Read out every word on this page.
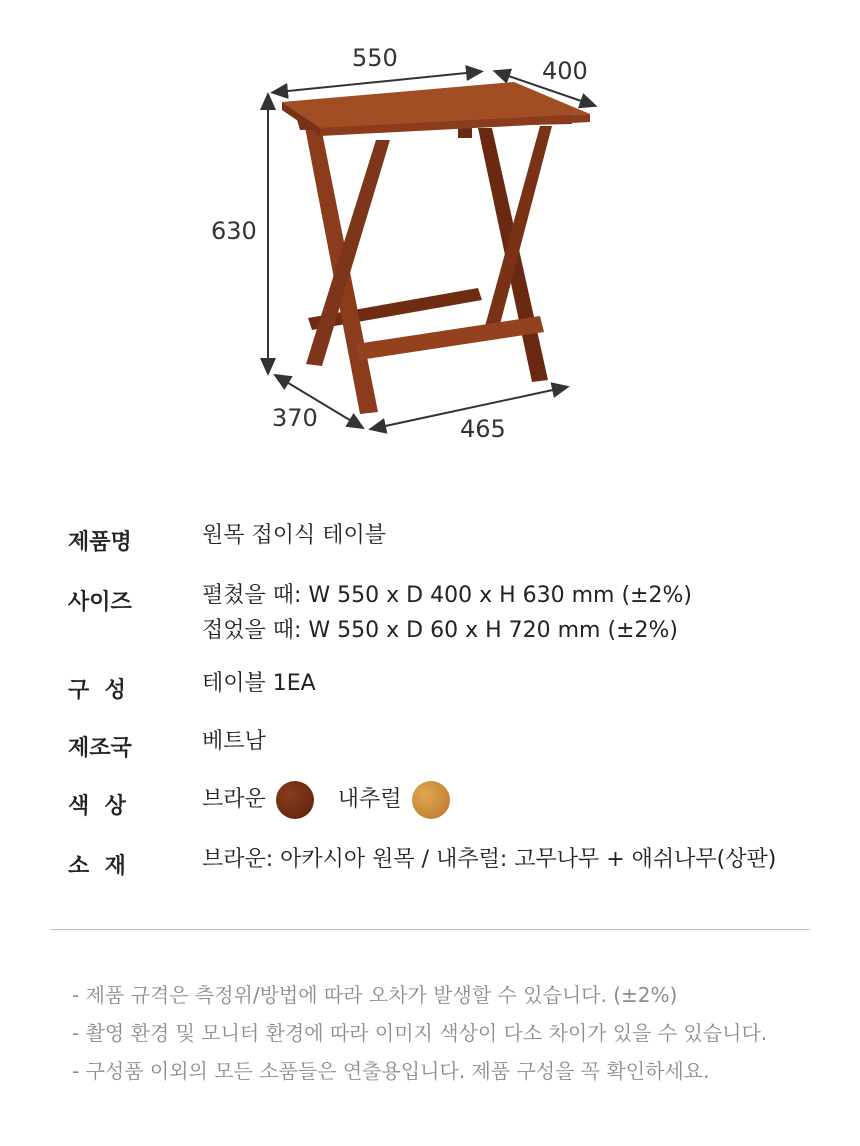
550	400
630
370	465
제품명	원목 접이식 테이블
사이즈	펼쳤을 때: W 550 x D 400 x H 630 mm (±2%)
접었을 때: W 550 x D 60 x H 720 mm (±2%)
구  성	테이블 1EA
제조국	베트남
색  상	브라운	내추럴
소  재	브라운: 아카시아 원목 / 내추럴: 고무나무 + 애쉬나무(상판)
- 제품 규격은 측정위/방법에 따라 오차가 발생할 수 있습니다. (±2%)
- 촬영 환경 및 모니터 환경에 따라 이미지 색상이 다소 차이가 있을 수 있습니다.
- 구성품 이외의 모든 소품들은 연출용입니다. 제품 구성을 꼭 확인하세요.
